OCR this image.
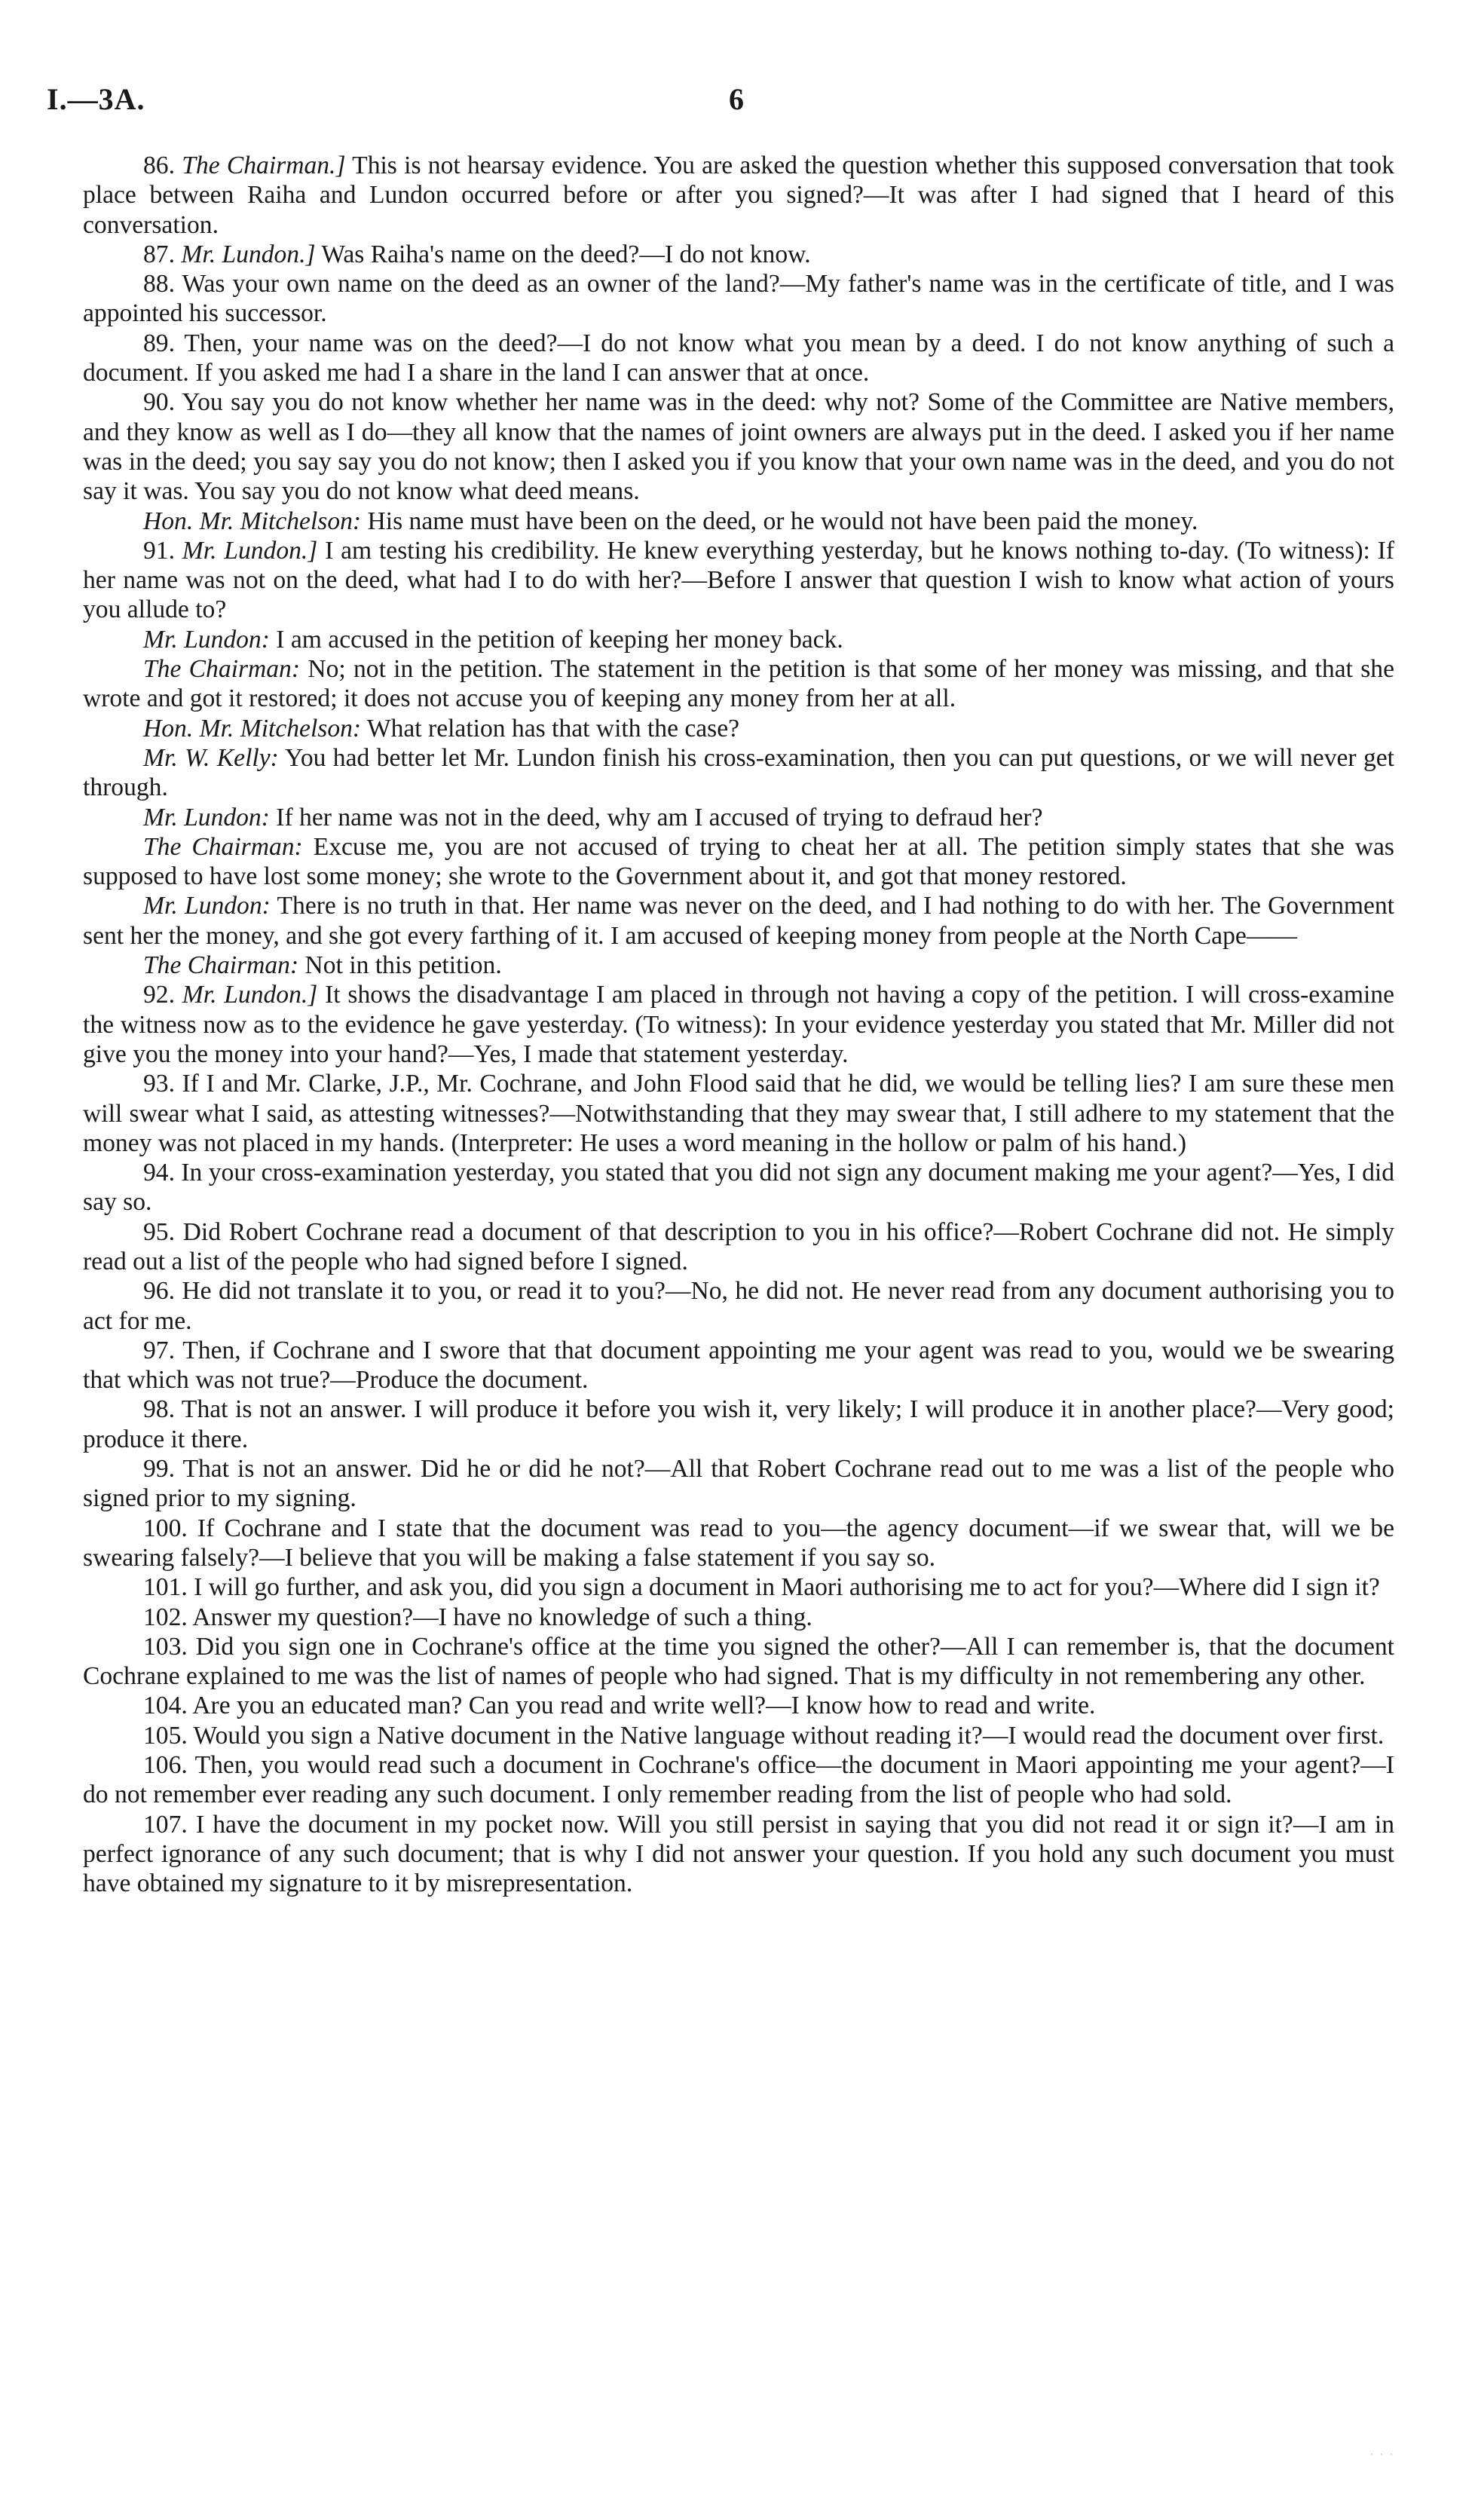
I.—3A.	6

86. The Chairman.] This is not hearsay evidence. You are asked the question whether this supposed conversation that took place between Raiha and Lundon occurred before or after you signed?—It was after I had signed that I heard of this conversation.

87. Mr. Lundon.] Was Raiha's name on the deed?—I do not know.

88. Was your own name on the deed as an owner of the land?—My father's name was in the certificate of title, and I was appointed his successor.

89. Then, your name was on the deed?—I do not know what you mean by a deed. I do not know anything of such a document. If you asked me had I a share in the land I can answer that at once.

90. You say you do not know whether her name was in the deed: why not? Some of the Committee are Native members, and they know as well as I do—they all know that the names of joint owners are always put in the deed. I asked you if her name was in the deed; you say say you do not know; then I asked you if you know that your own name was in the deed, and you do not say it was. You say you do not know what deed means.

Hon. Mr. Mitchelson: His name must have been on the deed, or he would not have been paid the money.

91. Mr. Lundon.] I am testing his credibility. He knew everything yesterday, but he knows nothing to-day. (To witness): If her name was not on the deed, what had I to do with her?—Before I answer that question I wish to know what action of yours you allude to?

Mr. Lundon: I am accused in the petition of keeping her money back.

The Chairman: No; not in the petition. The statement in the petition is that some of her money was missing, and that she wrote and got it restored; it does not accuse you of keeping any money from her at all.

Hon. Mr. Mitchelson: What relation has that with the case?

Mr. W. Kelly: You had better let Mr. Lundon finish his cross-examination, then you can put questions, or we will never get through.

Mr. Lundon: If her name was not in the deed, why am I accused of trying to defraud her?

The Chairman: Excuse me, you are not accused of trying to cheat her at all. The petition simply states that she was supposed to have lost some money; she wrote to the Government about it, and got that money restored.

Mr. Lundon: There is no truth in that. Her name was never on the deed, and I had nothing to do with her. The Government sent her the money, and she got every farthing of it. I am accused of keeping money from people at the North Cape——

The Chairman: Not in this petition.

92. Mr. Lundon.] It shows the disadvantage I am placed in through not having a copy of the petition. I will cross-examine the witness now as to the evidence he gave yesterday. (To witness): In your evidence yesterday you stated that Mr. Miller did not give you the money into your hand?—Yes, I made that statement yesterday.

93. If I and Mr. Clarke, J.P., Mr. Cochrane, and John Flood said that he did, we would be telling lies? I am sure these men will swear what I said, as attesting witnesses?—Notwithstanding that they may swear that, I still adhere to my statement that the money was not placed in my hands. (Interpreter: He uses a word meaning in the hollow or palm of his hand.)

94. In your cross-examination yesterday, you stated that you did not sign any document making me your agent?—Yes, I did say so.

95. Did Robert Cochrane read a document of that description to you in his office?—Robert Cochrane did not. He simply read out a list of the people who had signed before I signed.

96. He did not translate it to you, or read it to you?—No, he did not. He never read from any document authorising you to act for me.

97. Then, if Cochrane and I swore that that document appointing me your agent was read to you, would we be swearing that which was not true?—Produce the document.

98. That is not an answer. I will produce it before you wish it, very likely; I will produce it in another place?—Very good; produce it there.

99. That is not an answer. Did he or did he not?—All that Robert Cochrane read out to me was a list of the people who signed prior to my signing.

100. If Cochrane and I state that the document was read to you—the agency document—if we swear that, will we be swearing falsely?—I believe that you will be making a false statement if you say so.

101. I will go further, and ask you, did you sign a document in Maori authorising me to act for you?—Where did I sign it?

102. Answer my question?—I have no knowledge of such a thing.

103. Did you sign one in Cochrane's office at the time you signed the other?—All I can remember is, that the document Cochrane explained to me was the list of names of people who had signed. That is my difficulty in not remembering any other.

104. Are you an educated man? Can you read and write well?—I know how to read and write.

105. Would you sign a Native document in the Native language without reading it?—I would read the document over first.

106. Then, you would read such a document in Cochrane's office—the document in Maori appointing me your agent?—I do not remember ever reading any such document. I only remember reading from the list of people who had sold.

107. I have the document in my pocket now. Will you still persist in saying that you did not read it or sign it?—I am in perfect ignorance of any such document; that is why I did not answer your question. If you hold any such document you must have obtained my signature to it by misrepresentation.

· · ·
